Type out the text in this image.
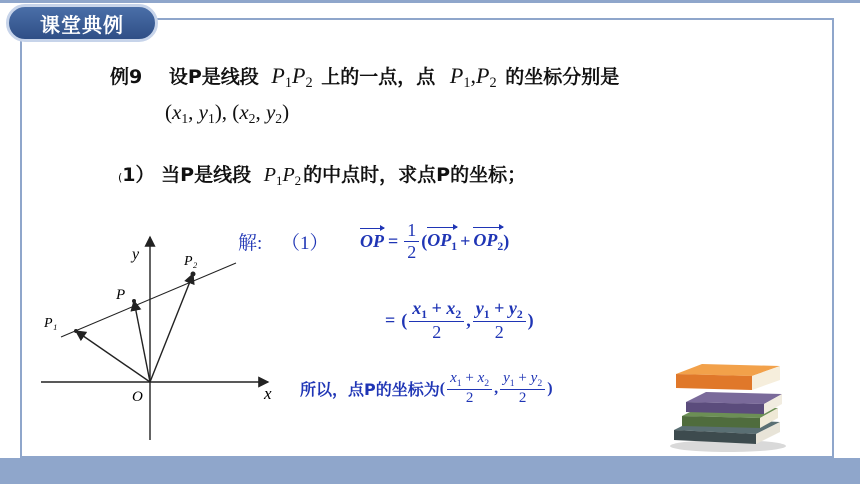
课堂典例
例9 设P是线段 $P_1P_2$ 上的一点，点 $P_1,P_2$ 的坐标分别是
($x_1$, $y_1$), ($x_2$, $y_2$)
(1） 当P是线段 $P_1P_2$ 的中点时，求点P的坐标；
y
x
O
P
P₁
P₂
解: （1） OP = $\frac{1}{2}$ ( $OP_1 + OP_2$ )
= ( $\frac{x_1 + x_2}{2}$ , $\frac{y_1 + y_2}{2}$ )
所以，点P的坐标为 ( $\frac{x_1 + x_2}{2}$ , $\frac{y_1 + y_2}{2}$ )
